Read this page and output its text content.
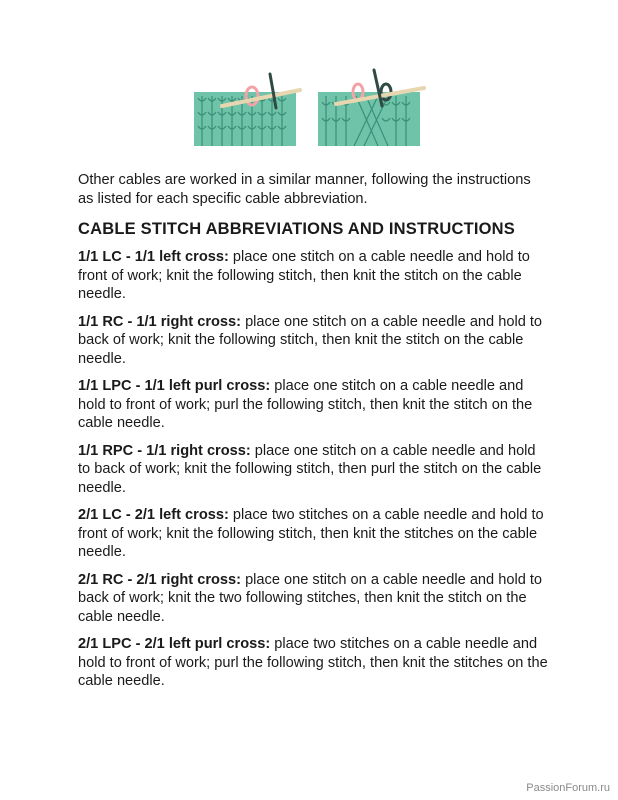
Other cables are worked in a similar manner, following the instructions as listed for each specific cable abbreviation.

CABLE STITCH ABBREVIATIONS AND INSTRUCTIONS

1/1 LC - 1/1 left cross: place one stitch on a cable needle and hold to front of work; knit the following stitch, then knit the stitch on the cable needle.

1/1 RC - 1/1 right cross: place one stitch on a cable needle and hold to back of work; knit the following stitch, then knit the stitch on the cable needle.

1/1 LPC - 1/1 left purl cross: place one stitch on a cable needle and hold to front of work; purl the following stitch, then knit the stitch on the cable needle.

1/1 RPC - 1/1 right cross: place one stitch on a cable needle and hold to back of work; knit the following stitch, then purl the stitch on the cable needle.

2/1 LC - 2/1 left cross: place two stitches on a cable needle and hold to front of work; knit the following stitch, then knit the stitches on the cable needle.

2/1 RC - 2/1 right cross: place one stitch on a cable needle and hold to back of work; knit the two following stitches, then knit the stitch on the cable needle.

2/1 LPC - 2/1 left purl cross: place two stitches on a cable needle and hold to front of work; purl the following stitch, then knit the stitches on the cable needle.

PassionForum.ru
